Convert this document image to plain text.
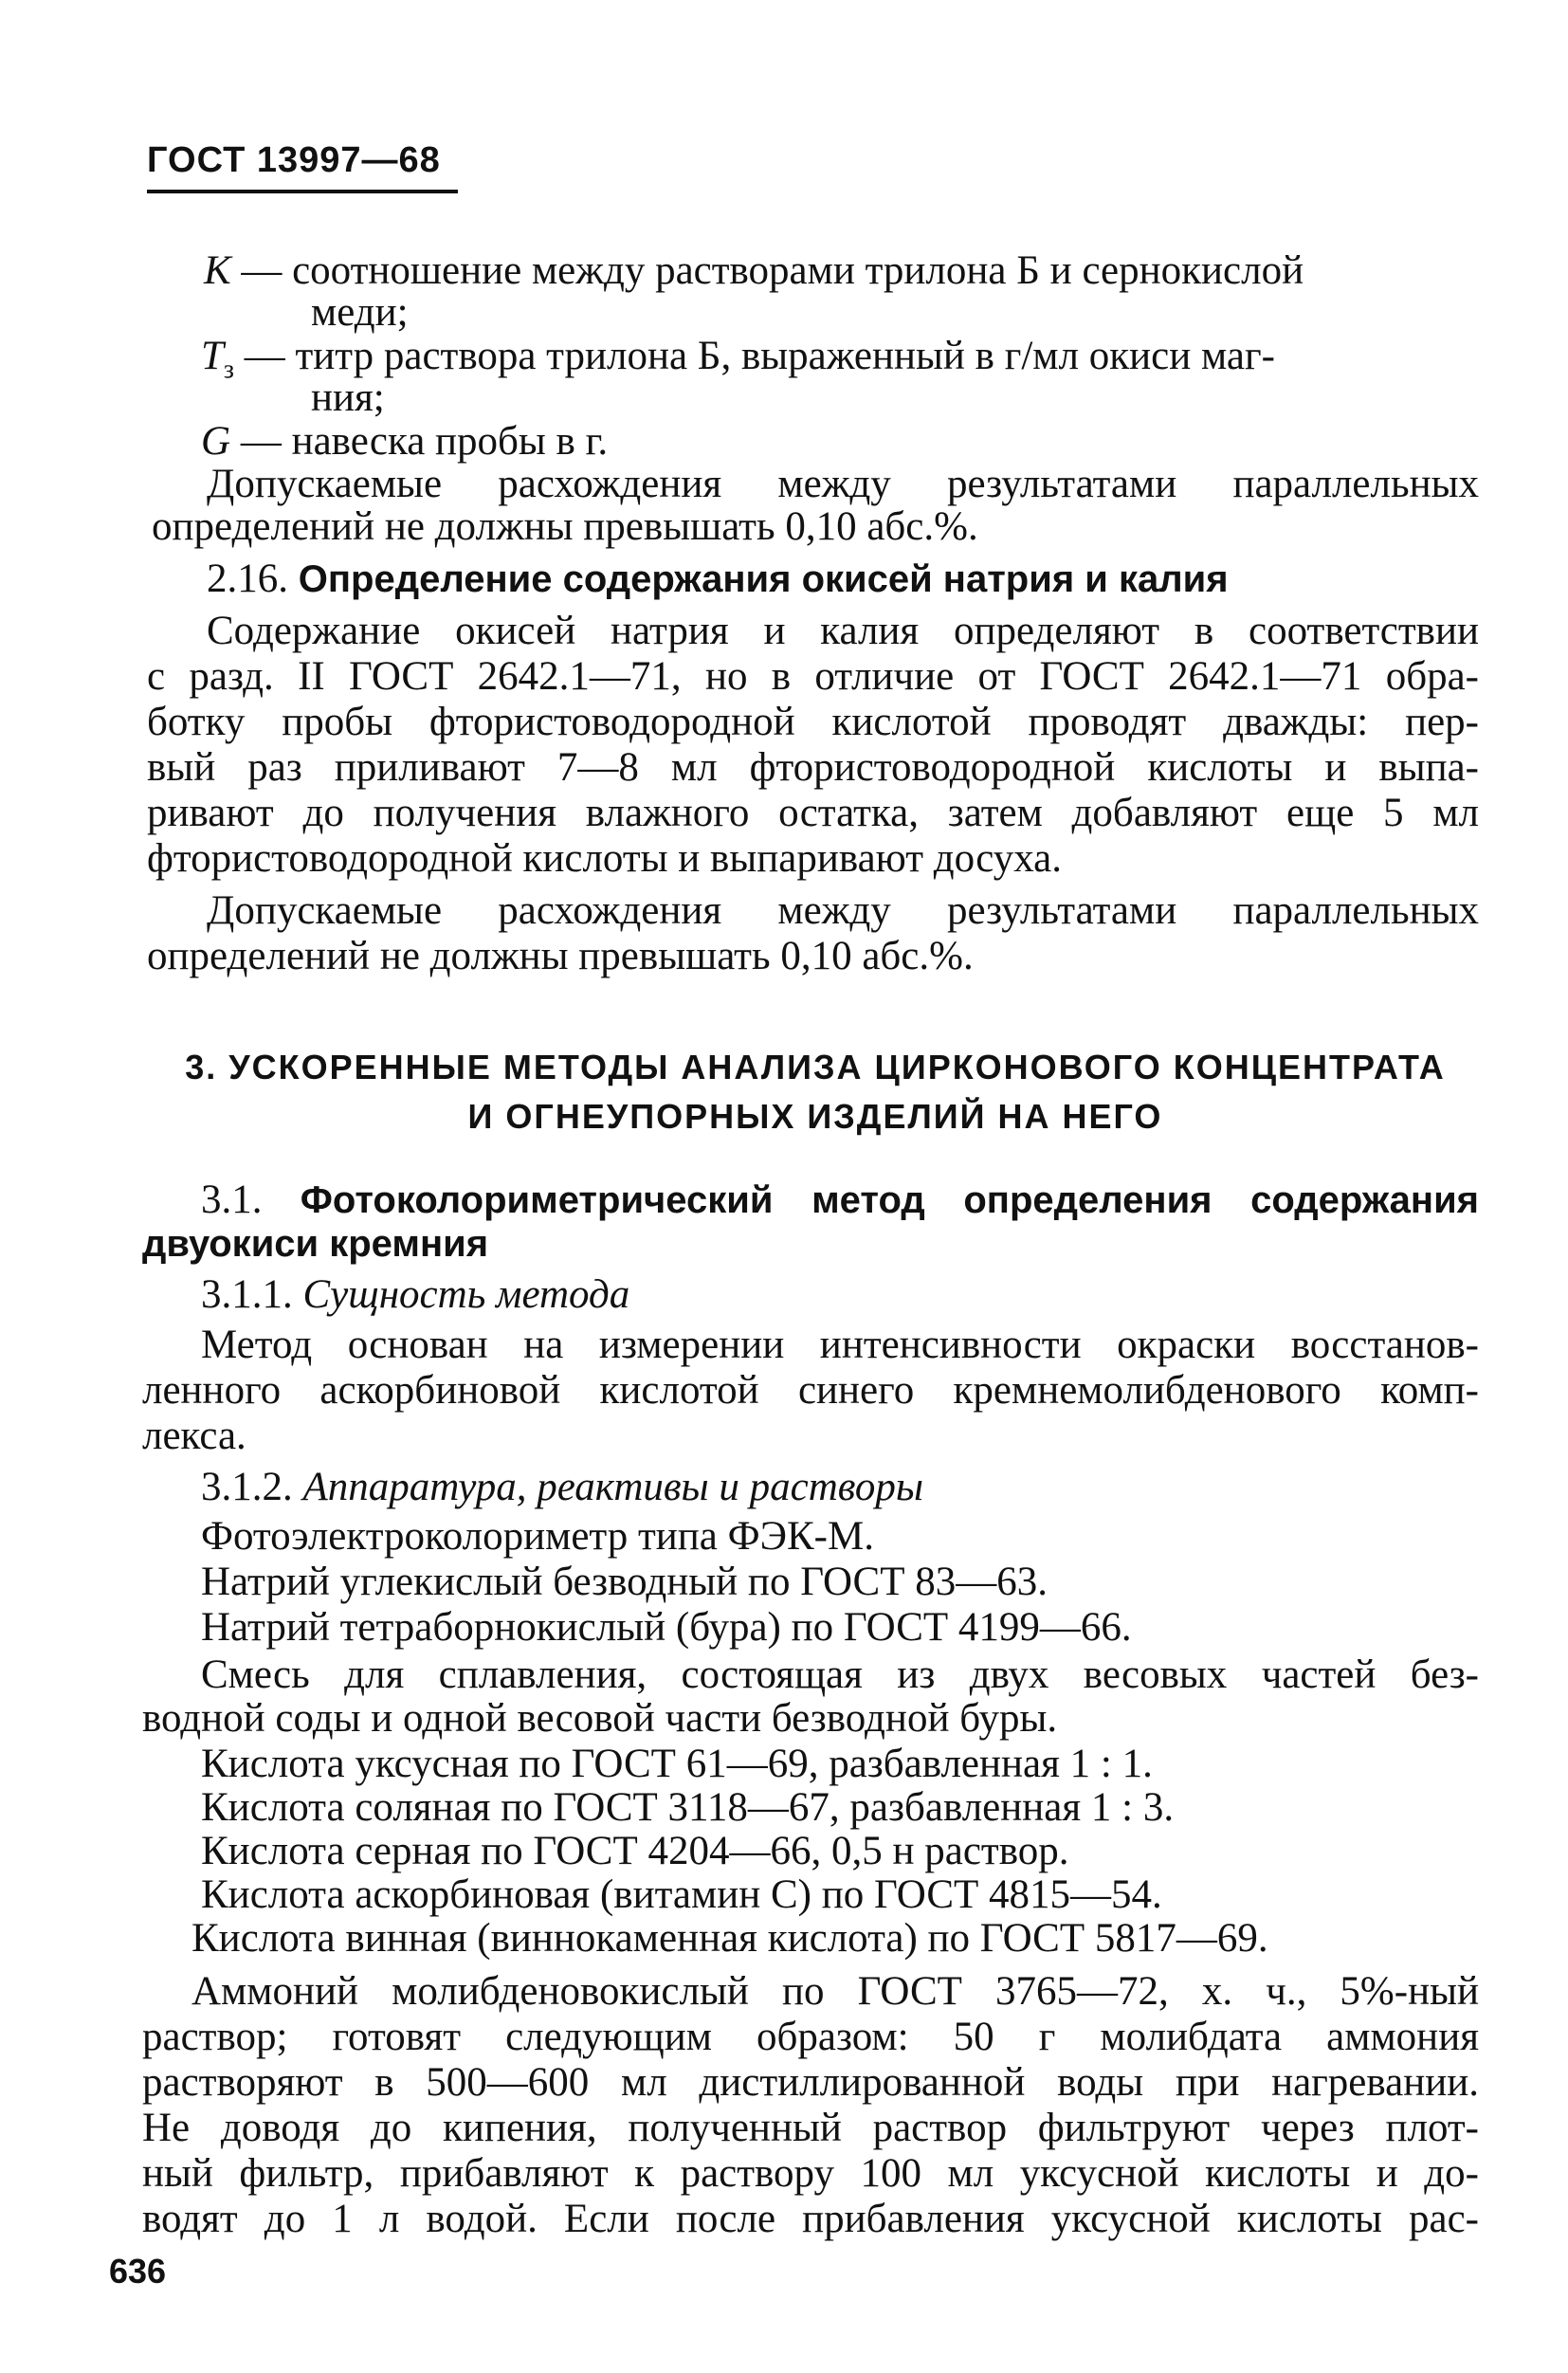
ГОСТ 13997—68
К — соотношение между растворами трилона Б и сернокислой
меди;
$Т_з$ — титр раствора трилона Б, выраженный в г/мл окиси маг-
ния;
G — навеска пробы в г.
Допускаемые расхождения между результатами параллельных
определений не должны превышать 0,10 абс.%.
2.16. Определение содержания окисей натрия и калия
Содержание окисей натрия и калия определяют в соответствии
с разд. II ГОСТ 2642.1—71, но в отличие от ГОСТ 2642.1—71 обра-
ботку пробы фтористоводородной кислотой проводят дважды: пер-
вый раз приливают 7—8 мл фтористоводородной кислоты и выпа-
ривают до получения влажного остатка, затем добавляют еще 5 мл
фтористоводородной кислоты и выпаривают досуха.
Допускаемые расхождения между результатами параллельных
определений не должны превышать 0,10 абс.%.
3. УСКОРЕННЫЕ МЕТОДЫ АНАЛИЗА ЦИРКОНОВОГО КОНЦЕНТРАТА
И ОГНЕУПОРНЫХ ИЗДЕЛИЙ НА НЕГО
3.1. Фотоколориметрический метод определения содержания
двуокиси кремния
3.1.1. Сущность метода
Метод основан на измерении интенсивности окраски восстанов-
ленного аскорбиновой кислотой синего кремнемолибденового комп-
лекса.
3.1.2. Аппаратура, реактивы и растворы
Фотоэлектроколориметр типа ФЭК-М.
Натрий углекислый безводный по ГОСТ 83—63.
Натрий тетраборнокислый (бура) по ГОСТ 4199—66.
Смесь для сплавления, состоящая из двух весовых частей без-
водной соды и одной весовой части безводной буры.
Кислота уксусная по ГОСТ 61—69, разбавленная 1 : 1.
Кислота соляная по ГОСТ 3118—67, разбавленная 1 : 3.
Кислота серная по ГОСТ 4204—66, 0,5 н раствор.
Кислота аскорбиновая (витамин С) по ГОСТ 4815—54.
Кислота винная (виннокаменная кислота) по ГОСТ 5817—69.
Аммоний молибденовокислый по ГОСТ 3765—72, х. ч., 5%-ный
раствор; готовят следующим образом: 50 г молибдата аммония
растворяют в 500—600 мл дистиллированной воды при нагревании.
Не доводя до кипения, полученный раствор фильтруют через плот-
ный фильтр, прибавляют к раствору 100 мл уксусной кислоты и до-
водят до 1 л водой. Если после прибавления уксусной кислоты рас-
636
